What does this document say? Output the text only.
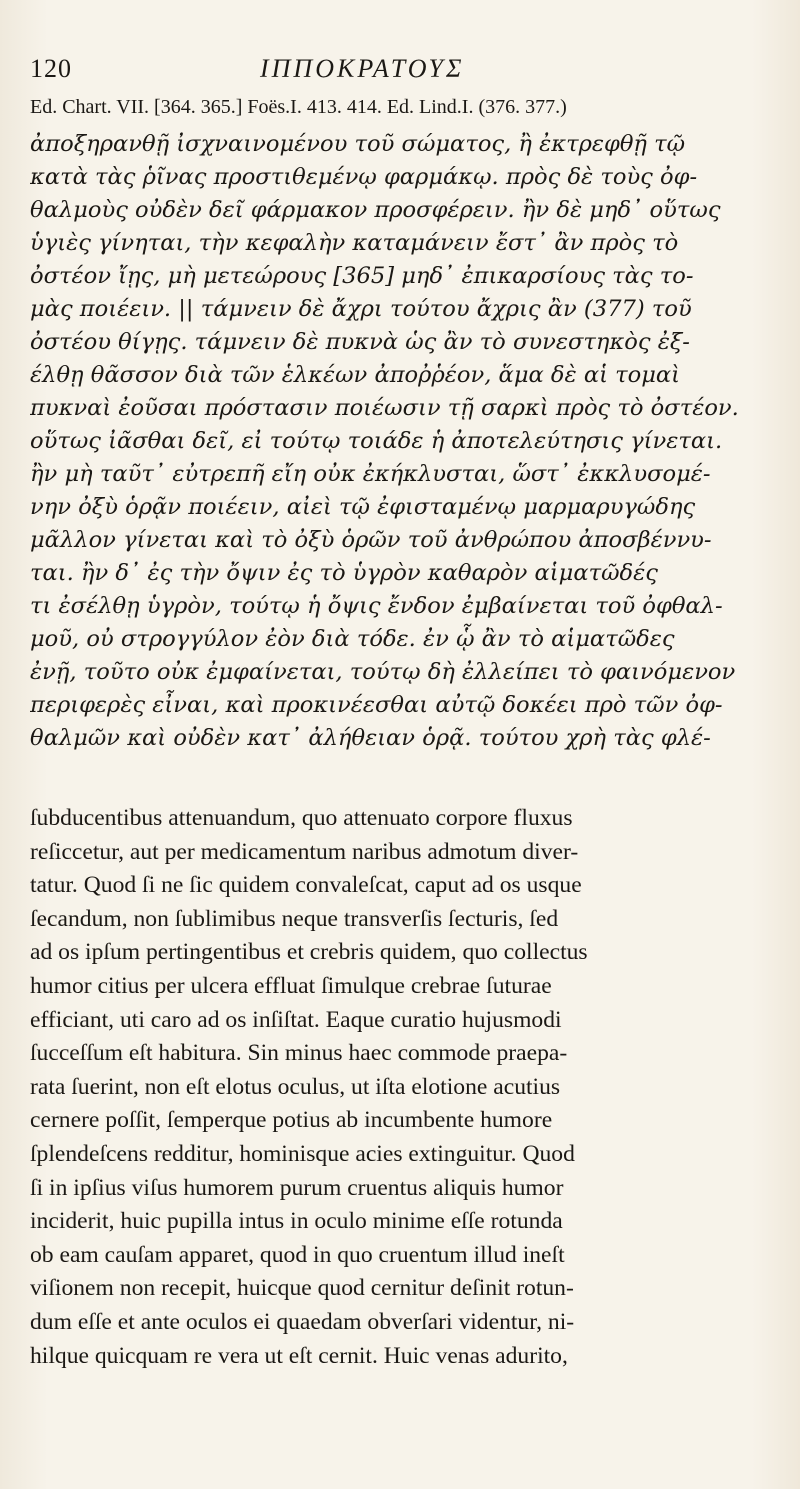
120	ΙΠΠΟΚΡΑΤΟΥΣ
Ed. Chart. VII. [364. 365.] Foës.I. 413. 414. Ed. Lind.I. (376. 377.)
ἀποξηρανθῇ ἰσχναινομένου τοῦ σώματος, ἢ ἐκτρεφθῇ τῷ
κατὰ τὰς ῥῖνας προστιθεμένῳ φαρμάκῳ. πρὸς δὲ τοὺς ὀφ-
θαλμοὺς οὐδὲν δεῖ φάρμακον προσφέρειν. ἢν δὲ μηδ᾽ οὕτως
ὑγιὲς γίνηται, τὴν κεφαλὴν καταμάνειν ἔστ᾽ ἂν πρὸς τὸ
ὀστέον ἴῃς, μὴ μετεώρους [365] μηδ᾽ ἐπικαρσίους τὰς το-
μὰς ποιέειν. || τάμνειν δὲ ἄχρι τούτου ἄχρις ἂν (377) τοῦ
ὀστέου θίγῃς. τάμνειν δὲ πυκνὰ ὡς ἂν τὸ συνεστηκὸς ἐξ-
έλθῃ θᾶσσον διὰ τῶν ἑλκέων ἀποῤῥέον, ἅμα δὲ αἱ τομαὶ
πυκναὶ ἐοῦσαι πρόστασιν ποιέωσιν τῇ σαρκὶ πρὸς τὸ ὀστέον.
οὕτως ἰᾶσθαι δεῖ, εἰ τούτῳ τοιάδε ἡ ἀποτελεύτησις γίνεται.
ἢν μὴ ταῦτ᾽ εὐτρεπῆ εἴη οὐκ ἐκήκλυσται, ὥστ᾽ ἐκκλυσομέ-
νην ὀξὺ ὁρᾷν ποιέειν, αἰεὶ τῷ ἐφισταμένῳ μαρμαρυγώδης
μᾶλλον γίνεται καὶ τὸ ὀξὺ ὁρῶν τοῦ ἀνθρώπου ἀποσβέννυ-
ται. ἢν δ᾽ ἐς τὴν ὄψιν ἐς τὸ ὑγρὸν καθαρὸν αἱματῶδές
τι ἐσέλθῃ ὑγρὸν, τούτῳ ἡ ὄψις ἔνδον ἐμβαίνεται τοῦ ὀφθαλ-
μοῦ, οὐ στρογγύλον ἐὸν διὰ τόδε. ἐν ᾧ ἂν τὸ αἱματῶδες
ἐνῇ, τοῦτο οὐκ ἐμφαίνεται, τούτῳ δὴ ἐλλείπει τὸ φαινόμενον
περιφερὲς εἶναι, καὶ προκινέεσθαι αὐτῷ δοκέει πρὸ τῶν ὀφ-
θαλμῶν καὶ οὐδὲν κατ᾽ ἀλήθειαν ὁρᾷ. τούτου χρὴ τὰς φλέ-
ſubducentibus attenuandum, quo attenuato corpore fluxus
reſiccetur, aut per medicamentum naribus admotum diver-
tatur. Quod ſi ne ſic quidem convaleſcat, caput ad os usque
ſecandum, non ſublimibus neque transverſis ſecturis, ſed
ad os ipſum pertingentibus et crebris quidem, quo collectus
humor citius per ulcera effluat ſimulque crebrae ſuturae
efficiant, uti caro ad os inſiſtat. Eaque curatio hujusmodi
ſucceſſum eſt habitura. Sin minus haec commode praepa-
rata ſuerint, non eſt elotus oculus, ut iſta elotione acutius
cernere poſſit, ſemperque potius ab incumbente humore
ſplendeſcens redditur, hominisque acies extinguitur. Quod
ſi in ipſius viſus humorem purum cruentus aliquis humor
inciderit, huic pupilla intus in oculo minime eſſe rotunda
ob eam cauſam apparet, quod in quo cruentum illud ineſt
viſionem non recepit, huicque quod cernitur deſinit rotun-
dum eſſe et ante oculos ei quaedam obverſari videntur, ni-
hilque quicquam re vera ut eſt cernit. Huic venas adurito,
